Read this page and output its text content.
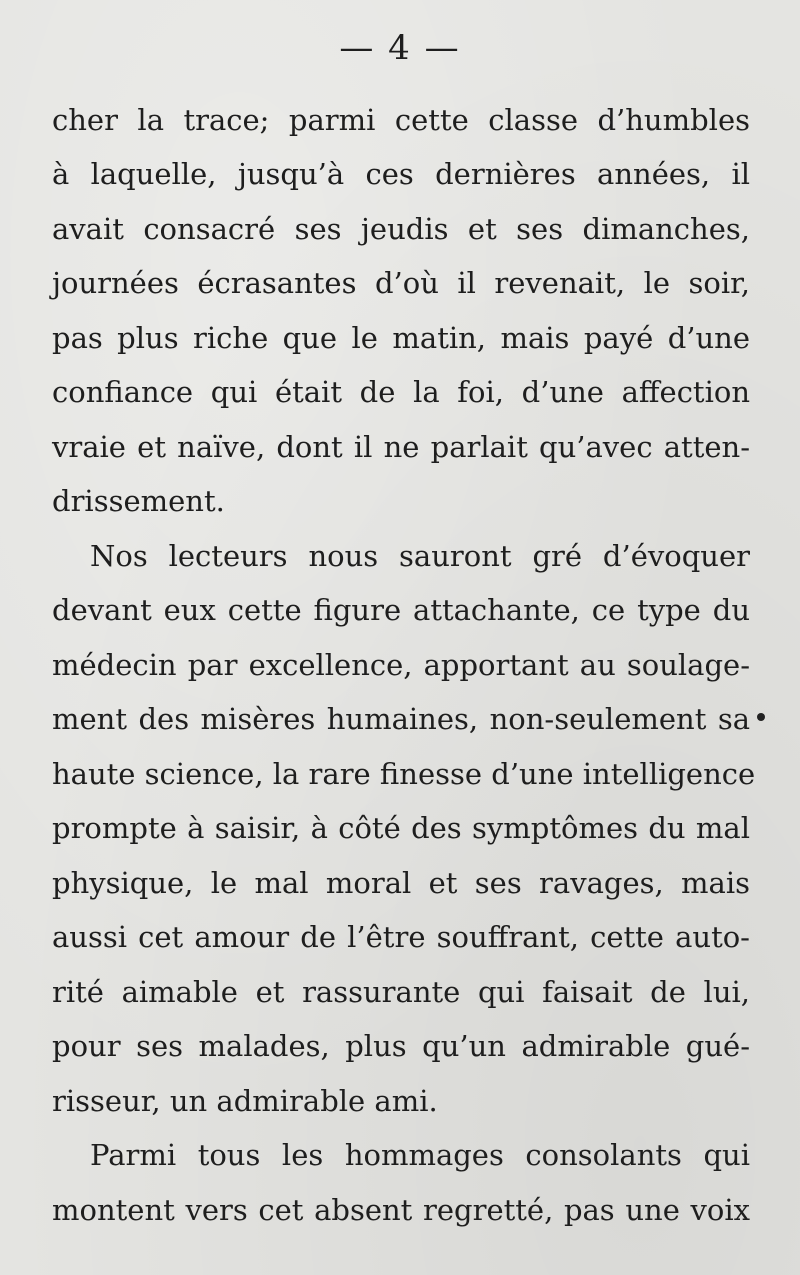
— 4 —
cher la trace; parmi cette classe d’humbles
à laquelle, jusqu’à ces dernières années, il
avait consacré ses jeudis et ses dimanches,
journées écrasantes d’où il revenait, le soir,
pas plus riche que le matin, mais payé d’une
confiance qui était de la foi, d’une affection
vraie et naïve, dont il ne parlait qu’avec atten-
drissement.
Nos lecteurs nous sauront gré d’évoquer
devant eux cette figure attachante, ce type du
médecin par excellence, apportant au soulage-
ment des misères humaines, non-seulement sa
haute science, la rare finesse d’une intelligence
prompte à saisir, à côté des symptômes du mal
physique, le mal moral et ses ravages, mais
aussi cet amour de l’être souffrant, cette auto-
rité aimable et rassurante qui faisait de lui,
pour ses malades, plus qu’un admirable gué-
risseur, un admirable ami.
Parmi tous les hommages consolants qui
montent vers cet absent regretté, pas une voix
